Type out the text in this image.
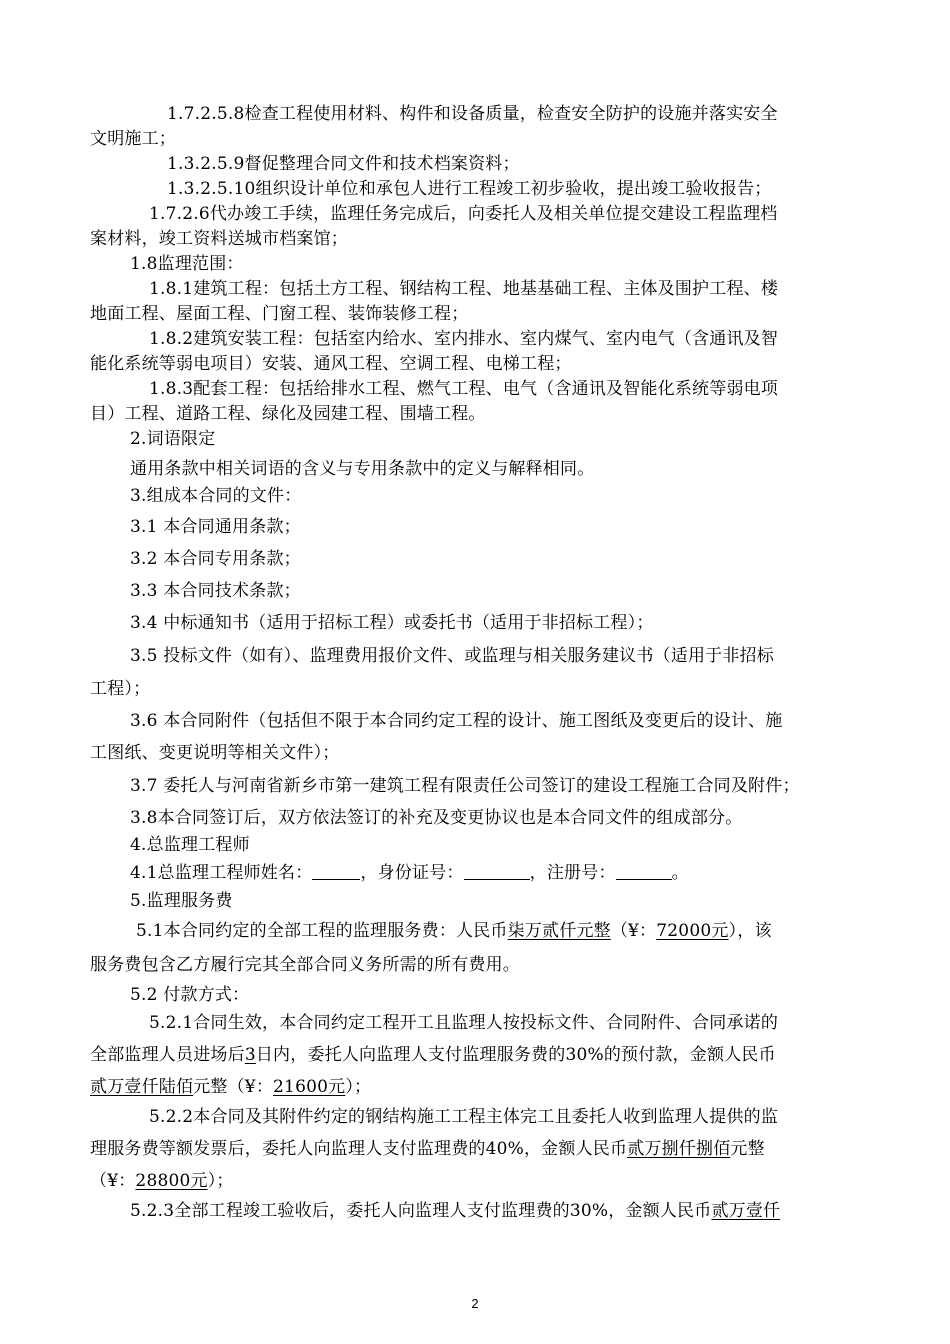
1.7.2.5.8检查工程使用材料、构件和设备质量，检查安全防护的设施并落实安全
文明施工；
1.3.2.5.9督促整理合同文件和技术档案资料；
1.3.2.5.10组织设计单位和承包人进行工程竣工初步验收，提出竣工验收报告；
1.7.2.6代办竣工手续，监理任务完成后，向委托人及相关单位提交建设工程监理档
案材料，竣工资料送城市档案馆；
1.8监理范围：
1.8.1建筑工程：包括土方工程、钢结构工程、地基基础工程、主体及围护工程、楼
地面工程、屋面工程、门窗工程、装饰装修工程；
1.8.2建筑安装工程：包括室内给水、室内排水、室内煤气、室内电气（含通讯及智
能化系统等弱电项目）安装、通风工程、空调工程、电梯工程；
1.8.3配套工程：包括给排水工程、燃气工程、电气（含通讯及智能化系统等弱电项
目）工程、道路工程、绿化及园建工程、围墙工程。
2.词语限定
通用条款中相关词语的含义与专用条款中的定义与解释相同。
3.组成本合同的文件：
3.1 本合同通用条款；
3.2 本合同专用条款；
3.3 本合同技术条款；
3.4 中标通知书（适用于招标工程）或委托书（适用于非招标工程）；
3.5 投标文件（如有）、监理费用报价文件、或监理与相关服务建议书（适用于非招标
工程）；
3.6 本合同附件（包括但不限于本合同约定工程的设计、施工图纸及变更后的设计、施
工图纸、变更说明等相关文件）；
3.7 委托人与河南省新乡市第一建筑工程有限责任公司签订的建设工程施工合同及附件；
3.8本合同签订后，双方依法签订的补充及变更协议也是本合同文件的组成部分。
4.总监理工程师
4.1总监理工程师姓名：	，身份证号：	，注册号：	。
5.监理服务费
5.1本合同约定的全部工程的监理服务费：人民币柒万贰仟元整（¥：72000元），该
服务费包含乙方履行完其全部合同义务所需的所有费用。
5.2 付款方式：
5.2.1合同生效，本合同约定工程开工且监理人按投标文件、合同附件、合同承诺的
全部监理人员进场后3日内，委托人向监理人支付监理服务费的30%的预付款，金额人民币
贰万壹仟陆佰元整（¥：21600元）；
5.2.2本合同及其附件约定的钢结构施工工程主体完工且委托人收到监理人提供的监
理服务费等额发票后，委托人向监理人支付监理费的40%，金额人民币贰万捌仟捌佰元整
（¥：28800元）；
5.2.3全部工程竣工验收后，委托人向监理人支付监理费的30%，金额人民币贰万壹仟
2
